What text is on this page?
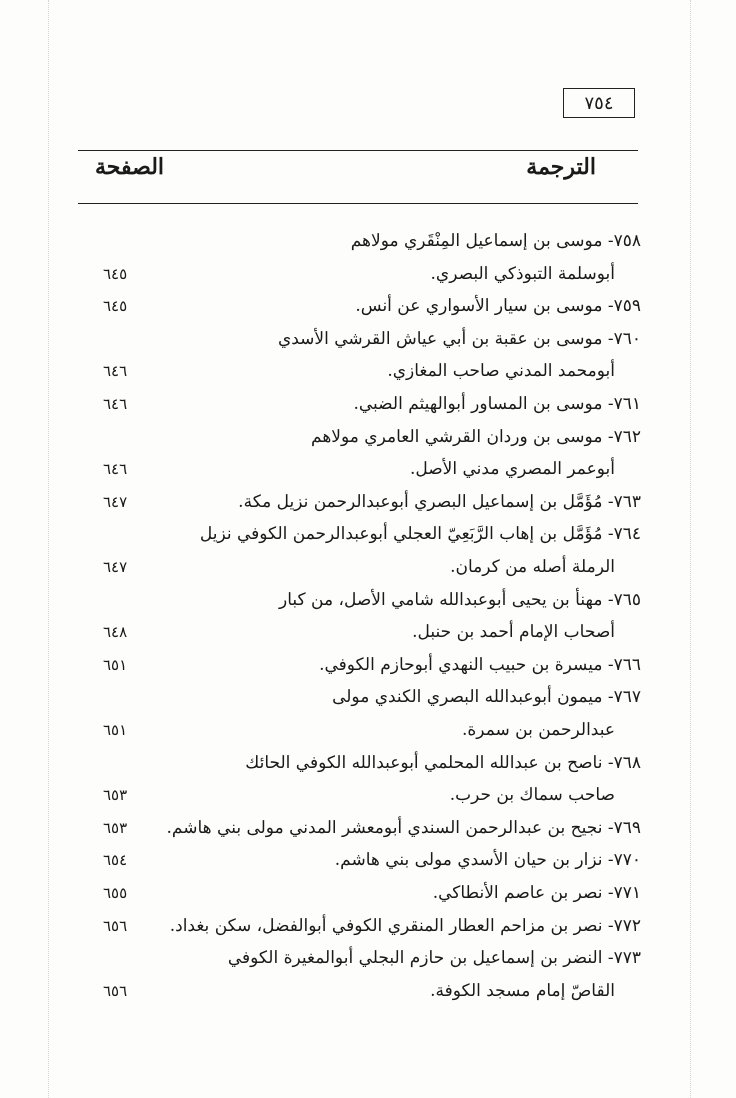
٧٥٤
الترجمة
الصفحة
٧٥٨- موسى بن إسماعيل المِنْقَري مولاهم
أبوسلمة التبوذكي البصري.
٦٤٥
٧٥٩- موسى بن سيار الأسواري عن أنس.
٦٤٥
٧٦٠- موسى بن عقبة بن أبي عياش القرشي الأسدي
أبومحمد المدني صاحب المغازي.
٦٤٦
٧٦١- موسى بن المساور أبوالهيثم الضبي.
٦٤٦
٧٦٢- موسى بن وردان القرشي العامري مولاهم
أبوعمر المصري مدني الأصل.
٦٤٦
٧٦٣- مُؤَمَّل بن إسماعيل البصري أبوعبدالرحمن نزيل مكة.
٦٤٧
٧٦٤- مُؤَمَّل بن إهاب الرَّبَعِيّ العجلي أبوعبدالرحمن الكوفي نزيل
الرملة أصله من كرمان.
٦٤٧
٧٦٥- مهنأ بن يحيى أبوعبدالله شامي الأصل، من كبار
أصحاب الإمام أحمد بن حنبل.
٦٤٨
٧٦٦- ميسرة بن حبيب النهدي أبوحازم الكوفي.
٦٥١
٧٦٧- ميمون أبوعبدالله البصري الكندي مولى
عبدالرحمن بن سمرة.
٦٥١
٧٦٨- ناصح بن عبدالله المحلمي أبوعبدالله الكوفي الحائك
صاحب سماك بن حرب.
٦٥٣
٧٦٩- نجيح بن عبدالرحمن السندي أبومعشر المدني مولى بني هاشم.
٦٥٣
٧٧٠- نزار بن حيان الأسدي مولى بني هاشم.
٦٥٤
٧٧١- نصر بن عاصم الأنطاكي.
٦٥٥
٧٧٢- نصر بن مزاحم العطار المنقري الكوفي أبوالفضل، سكن بغداد.
٦٥٦
٧٧٣- النضر بن إسماعيل بن حازم البجلي أبوالمغيرة الكوفي
القاصّ إمام مسجد الكوفة.
٦٥٦
